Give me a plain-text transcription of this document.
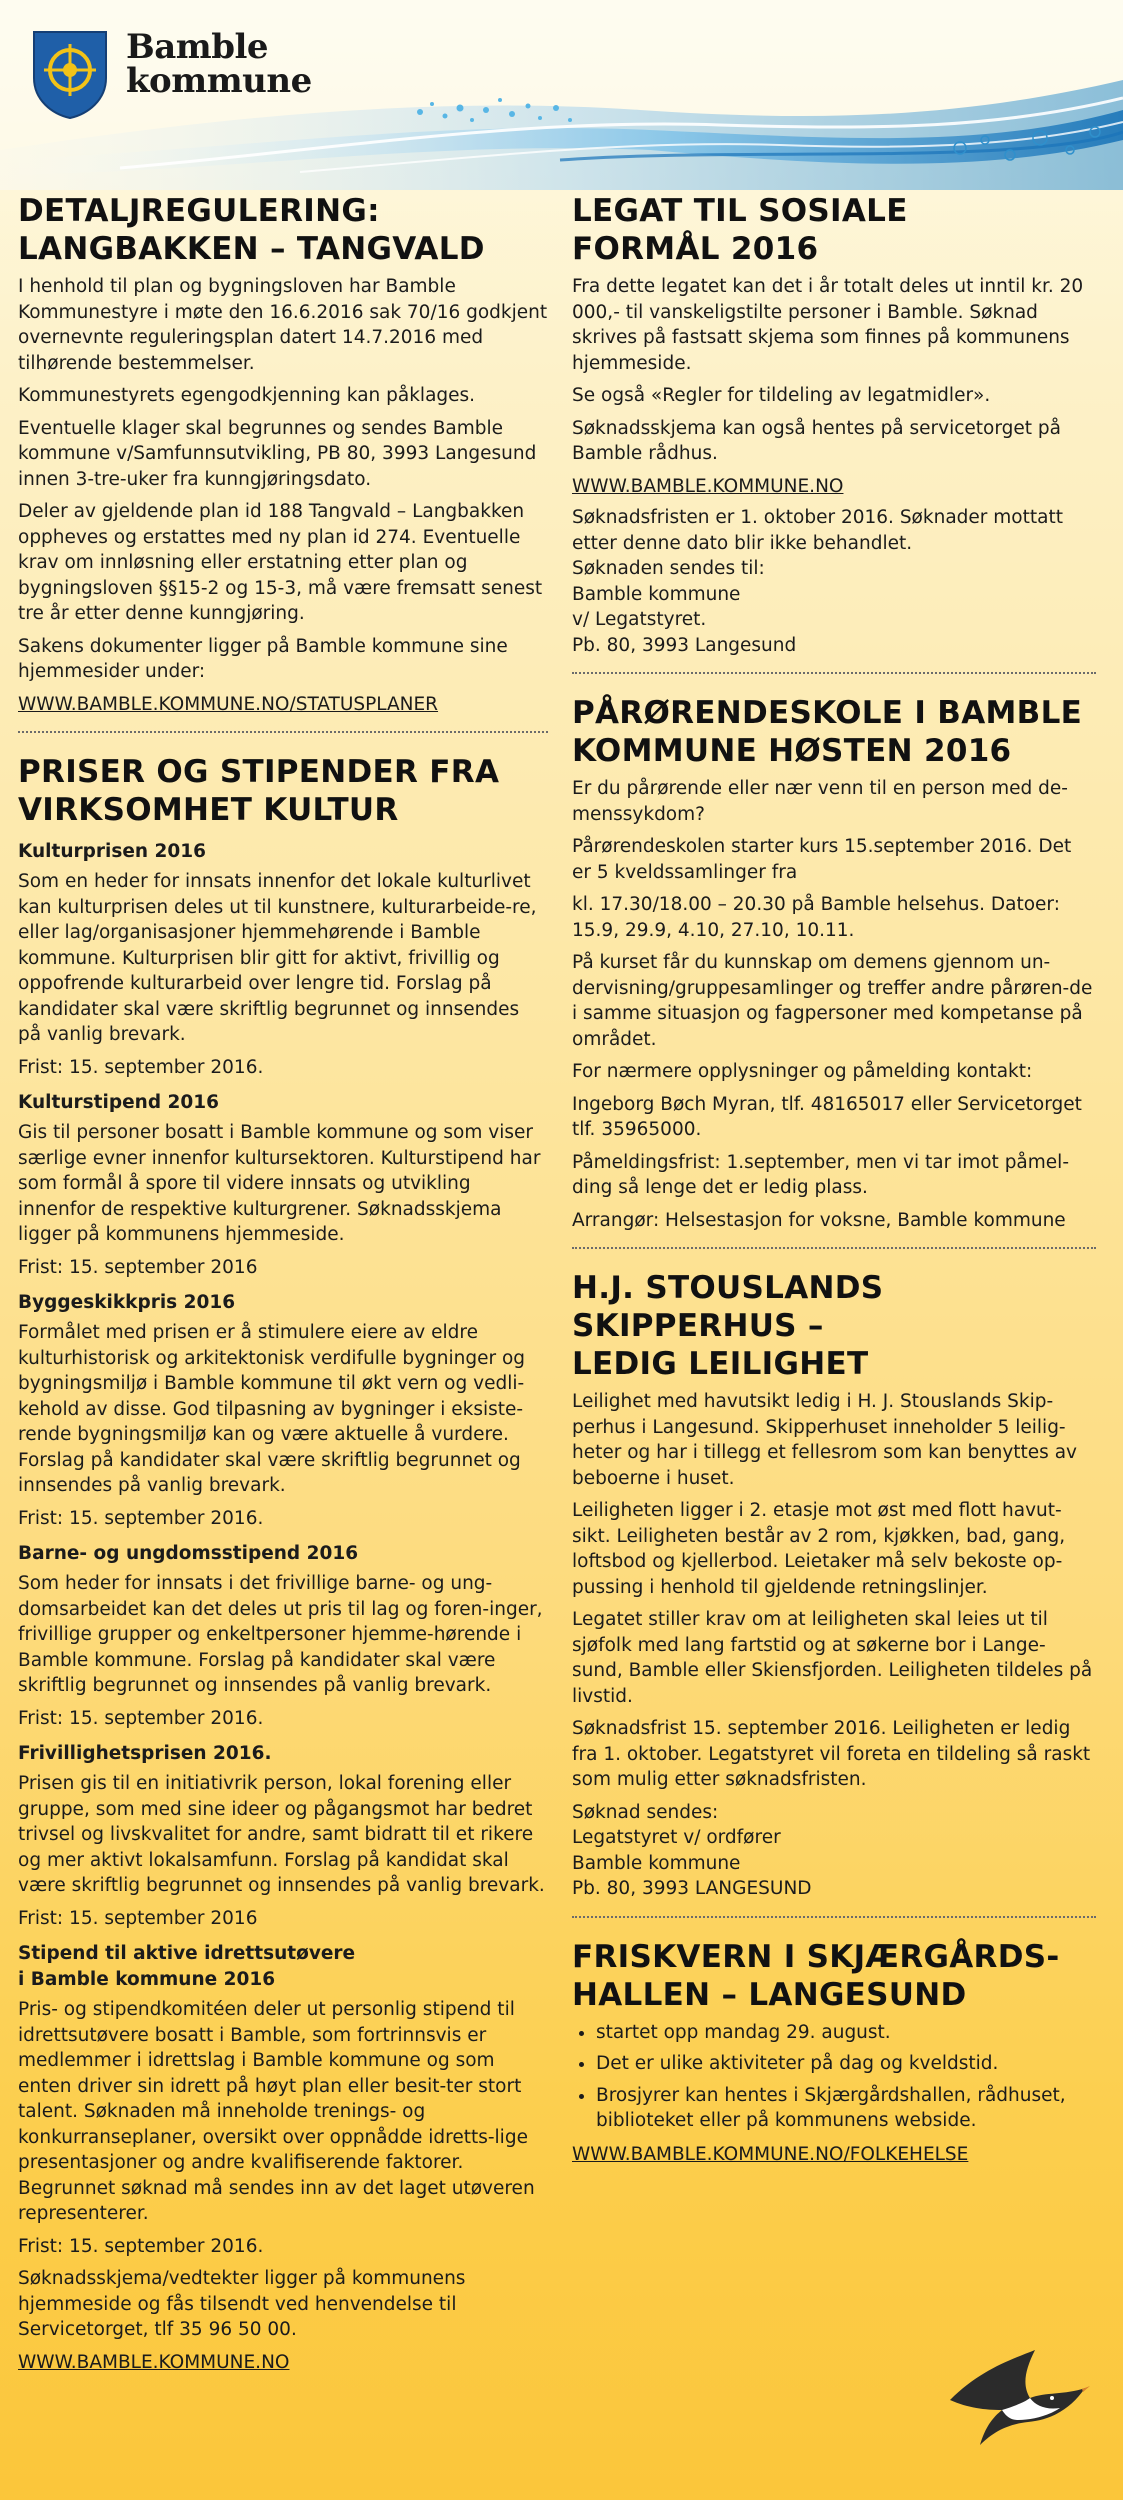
Bamble
kommune
DETALJREGULERING:
LANGBAKKEN – TANGVALD

I henhold til plan og bygningsloven har Bamble Kommunestyre i møte den 16.6.2016 sak 70/16 godkjent overnevnte reguleringsplan datert 14.7.2016 med tilhørende bestemmelser.

Kommunestyrets egengodkjenning kan påklages.

Eventuelle klager skal begrunnes og sendes Bamble kommune v/Samfunnsutvikling, PB 80, 3993 Langesund innen 3-tre-uker fra kunngjøringsdato.

Deler av gjeldende plan id 188 Tangvald – Langbakken oppheves og erstattes med ny plan id 274. Eventuelle krav om innløsning eller erstatning etter plan og bygningsloven §§15-2 og 15-3, må være fremsatt senest tre år etter denne kunngjøring.

Sakens dokumenter ligger på Bamble kommune sine hjemmesider under:

WWW.BAMBLE.KOMMUNE.NO/STATUSPLANER
PRISER OG STIPENDER FRA
VIRKSOMHET KULTUR
Kulturprisen 2016

Som en heder for innsats innenfor det lokale kulturlivet kan kulturprisen deles ut til kunstnere, kulturarbeide-re, eller lag/organisasjoner hjemmehørende i Bamble kommune. Kulturprisen blir gitt for aktivt, frivillig og oppofrende kulturarbeid over lengre tid. Forslag på kandidater skal være skriftlig begrunnet og innsendes på vanlig brevark.

Frist: 15. september 2016.

Kulturstipend 2016

Gis til personer bosatt i Bamble kommune og som viser særlige evner innenfor kultursektoren. Kulturstipend har som formål å spore til videre innsats og utvikling innenfor de respektive kulturgrener. Søknadsskjema ligger på kommunens hjemmeside.

Frist: 15. september 2016

Byggeskikkpris 2016

Formålet med prisen er å stimulere eiere av eldre kulturhistorisk og arkitektonisk verdifulle bygninger og bygningsmiljø i Bamble kommune til økt vern og vedli-kehold av disse. God tilpasning av bygninger i eksiste-rende bygningsmiljø kan og være aktuelle å vurdere. Forslag på kandidater skal være skriftlig begrunnet og innsendes på vanlig brevark.

Frist: 15. september 2016.

Barne- og ungdomsstipend 2016

Som heder for innsats i det frivillige barne- og ung-domsarbeidet kan det deles ut pris til lag og foren-inger, frivillige grupper og enkeltpersoner hjemme-hørende i Bamble kommune. Forslag på kandidater skal være skriftlig begrunnet og innsendes på vanlig brevark.

Frist: 15. september 2016.

Frivillighetsprisen 2016.

Prisen gis til en initiativrik person, lokal forening eller gruppe, som med sine ideer og pågangsmot har bedret trivsel og livskvalitet for andre, samt bidratt til et rikere og mer aktivt lokalsamfunn. Forslag på kandidat skal være skriftlig begrunnet og innsendes på vanlig brevark.

Frist: 15. september 2016

Stipend til aktive idrettsutøvere
i Bamble kommune 2016

Pris- og stipendkomitéen deler ut personlig stipend til idrettsutøvere bosatt i Bamble, som fortrinnsvis er medlemmer i idrettslag i Bamble kommune og som enten driver sin idrett på høyt plan eller besit-ter stort talent. Søknaden må inneholde trenings- og konkurranseplaner, oversikt over oppnådde idretts-lige presentasjoner og andre kvalifiserende faktorer. Begrunnet søknad må sendes inn av det laget utøveren representerer.

Frist: 15. september 2016.

Søknadsskjema/vedtekter ligger på kommunens hjemmeside og fås tilsendt ved henvendelse til Servicetorget, tlf 35 96 50 00.

WWW.BAMBLE.KOMMUNE.NO
LEGAT TIL SOSIALE
FORMÅL 2016

Fra dette legatet kan det i år totalt deles ut inntil kr. 20 000,- til vanskeligstilte personer i Bamble. Søknad skrives på fastsatt skjema som finnes på kommunens hjemmeside.

Se også «Regler for tildeling av legatmidler».

Søknadsskjema kan også hentes på servicetorget på Bamble rådhus.

WWW.BAMBLE.KOMMUNE.NO

Søknadsfristen er 1. oktober 2016. Søknader mottatt etter denne dato blir ikke behandlet.

Søknaden sendes til:
Bamble kommune
v/ Legatstyret.
Pb. 80, 3993 Langesund

PÅRØRENDESKOLE I BAMBLE
KOMMUNE HØSTEN 2016

Er du pårørende eller nær venn til en person med de-menssykdom?

Pårørendeskolen starter kurs 15.september 2016. Det er 5 kveldssamlinger fra

kl. 17.30/18.00 – 20.30 på Bamble helsehus. Datoer: 15.9, 29.9, 4.10, 27.10, 10.11.

På kurset får du kunnskap om demens gjennom un-dervisning/gruppesamlinger og treffer andre pårøren-de i samme situasjon og fagpersoner med kompetanse på området.

For nærmere opplysninger og påmelding kontakt:

Ingeborg Bøch Myran, tlf. 48165017 eller Servicetorget tlf. 35965000.

Påmeldingsfrist: 1.september, men vi tar imot påmel-ding så lenge det er ledig plass.

Arrangør: Helsestasjon for voksne, Bamble kommune

H.J. STOUSLANDS SKIPPERHUS –
LEDIG LEILIGHET

Leilighet med havutsikt ledig i H. J. Stouslands Skip-perhus i Langesund. Skipperhuset inneholder 5 leilig-heter og har i tillegg et fellesrom som kan benyttes av beboerne i huset.

Leiligheten ligger i 2. etasje mot øst med flott havut-sikt. Leiligheten består av 2 rom, kjøkken, bad, gang, loftsbod og kjellerbod. Leietaker må selv bekoste op-pussing i henhold til gjeldende retningslinjer.

Legatet stiller krav om at leiligheten skal leies ut til sjøfolk med lang fartstid og at søkerne bor i Lange-sund, Bamble eller Skiensfjorden. Leiligheten tildeles på livstid.

Søknadsfrist 15. september 2016. Leiligheten er ledig fra 1. oktober. Legatstyret vil foreta en tildeling så raskt som mulig etter søknadsfristen.

Søknad sendes:
Legatstyret v/ ordfører
Bamble kommune
Pb. 80, 3993 LANGESUND

FRISKVERN I SKJÆRGÅRDS-
HALLEN – LANGESUND
• startet opp mandag 29. august.
• Det er ulike aktiviteter på dag og kveldstid.
• Brosjyrer kan hentes i Skjærgårdshallen, rådhuset, biblioteket eller på kommunens webside.
WWW.BAMBLE.KOMMUNE.NO/FOLKEHELSE
